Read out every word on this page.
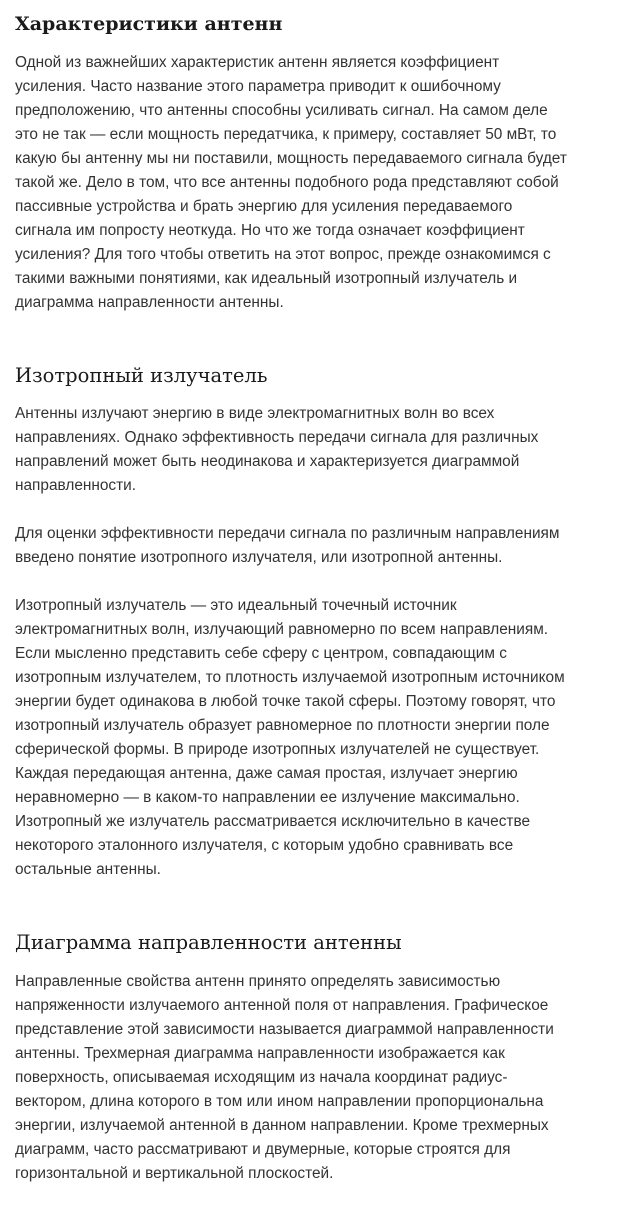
Характеристики антенн

Одной из важнейших характеристик антенн является коэффициент
усиления. Часто название этого параметра приводит к ошибочному
предположению, что антенны способны усиливать сигнал. На самом деле
это не так — если мощность передатчика, к примеру, составляет 50 мВт, то
какую бы антенну мы ни поставили, мощность передаваемого сигнала будет
такой же. Дело в том, что все антенны подобного рода представляют собой
пассивные устройства и брать энергию для усиления передаваемого
сигнала им попросту неоткуда. Но что же тогда означает коэффициент
усиления? Для того чтобы ответить на этот вопрос, прежде ознакомимся с
такими важными понятиями, как идеальный изотропный излучатель и
диаграмма направленности антенны.

Изотропный излучатель

Антенны излучают энергию в виде электромагнитных волн во всех
направлениях. Однако эффективность передачи сигнала для различных
направлений может быть неодинакова и характеризуется диаграммой
направленности.

Для оценки эффективности передачи сигнала по различным направлениям
введено понятие изотропного излучателя, или изотропной антенны.

Изотропный излучатель — это идеальный точечный источник
электромагнитных волн, излучающий равномерно по всем направлениям.
Если мысленно представить себе сферу с центром, совпадающим с
изотропным излучателем, то плотность излучаемой изотропным источником
энергии будет одинакова в любой точке такой сферы. Поэтому говорят, что
изотропный излучатель образует равномерное по плотности энергии поле
сферической формы. В природе изотропных излучателей не существует.
Каждая передающая антенна, даже самая простая, излучает энергию
неравномерно — в каком-то направлении ее излучение максимально.
Изотропный же излучатель рассматривается исключительно в качестве
некоторого эталонного излучателя, с которым удобно сравнивать все
остальные антенны.

Диаграмма направленности антенны

Направленные свойства антенн принято определять зависимостью
напряженности излучаемого антенной поля от направления. Графическое
представление этой зависимости называется диаграммой направленности
антенны. Трехмерная диаграмма направленности изображается как
поверхность, описываемая исходящим из начала координат радиус-
вектором, длина которого в том или ином направлении пропорциональна
энергии, излучаемой антенной в данном направлении. Кроме трехмерных
диаграмм, часто рассматривают и двумерные, которые строятся для
горизонтальной и вертикальной плоскостей.
